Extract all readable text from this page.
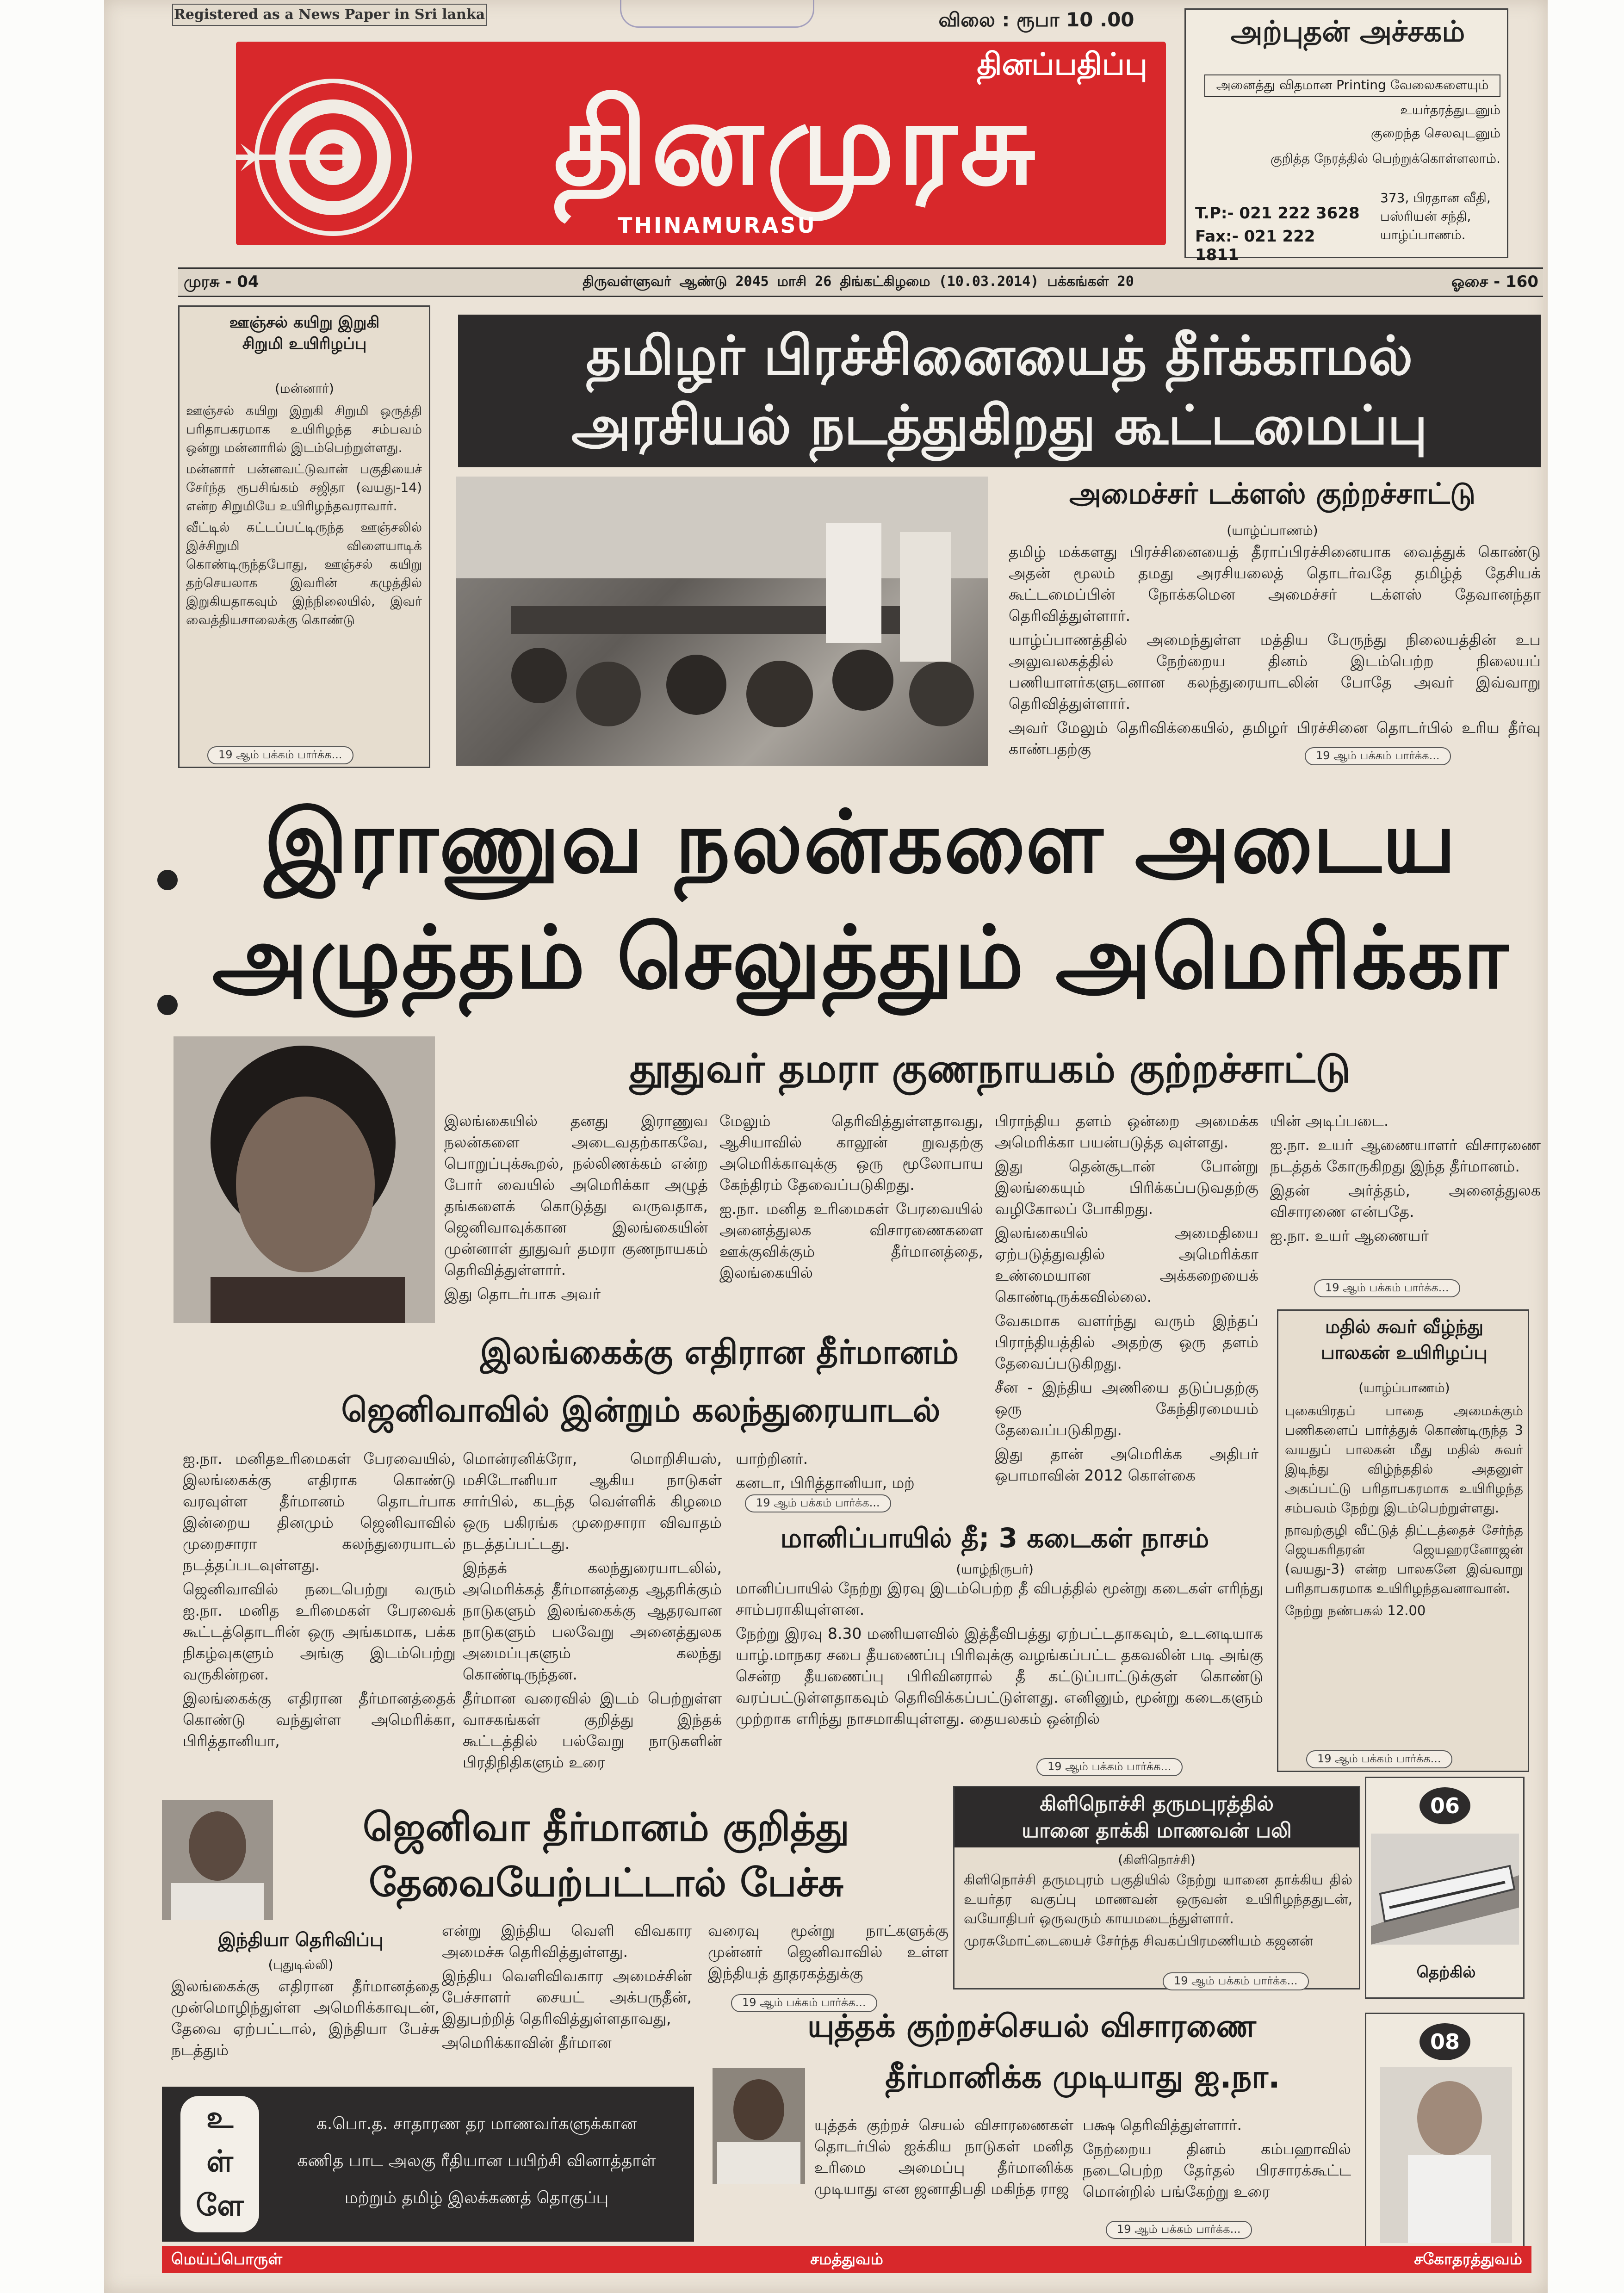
Registered as a News Paper in Sri lanka	விலை : ரூபா 10 .00
தினப்பதிப்பு
தினமுரசு
THINAMURASU
அற்புதன் அச்சகம்
அனைத்து விதமான Printing வேலைகளையும்
உயர்தரத்துடனும்
குறைந்த செலவுடனும்
குறித்த நேரத்தில் பெற்றுக்கொள்ளலாம்.
T.P:- 021 222 3628
Fax:- 021 222 1811
373, பிரதான வீதி,
பஸ்ரியன் சந்தி,
யாழ்ப்பாணம்.
முரசு - 04	திருவள்ளுவர் ஆண்டு 2045 மாசி 26 திங்கட்கிழமை (10.03.2014) பக்கங்கள் 20	ஓசை - 160
ஊஞ்சல் கயிறு இறுகி
சிறுமி உயிரிழப்பு
(மன்னார்)

ஊஞ்சல் கயிறு இறுகி சிறுமி ஒருத்தி பரிதாபகரமாக உயிரிழந்த சம்பவம் ஒன்று மன்னாரில் இடம்பெற்றுள்ளது.

மன்னார் பன்னவட்டுவான் பகுதியைச் சேர்ந்த ரூபசிங்கம் சஜிதா (வயது-14) என்ற சிறுமியே உயிரிழந்தவராவார்.

வீட்டில் கட்டப்பட்டிருந்த ஊஞ்சலில் இச்சிறுமி விளையாடிக் கொண்டிருந்தபோது, ஊஞ்சல் கயிறு தற்செயலாக இவரின் கழுத்தில் இறுகியதாகவும் இந்நிலையில், இவர் வைத்தியசாலைக்கு கொண்டு

19 ஆம் பக்கம் பார்க்க...
தமிழர் பிரச்சினையைத் தீர்க்காமல்
அரசியல் நடத்துகிறது கூட்டமைப்பு
அமைச்சர் டக்ளஸ் குற்றச்சாட்டு
(யாழ்ப்பாணம்)

தமிழ் மக்களது பிரச்சினையைத் தீராப்பிரச்சினையாக வைத்துக் கொண்டு அதன் மூலம் தமது அரசியலைத் தொடர்வதே தமிழ்த் தேசியக் கூட்டமைப்பின் நோக்கமென அமைச்சர் டக்ளஸ் தேவானந்தா தெரிவித்துள்ளார்.

யாழ்ப்பாணத்தில் அமைந்துள்ள மத்திய பேருந்து நிலையத்தின் உப அலுவலகத்தில் நேற்றைய தினம் இடம்பெற்ற நிலையப் பணியாளர்களுடனான கலந்துரையாடலின் போதே அவர் இவ்வாறு தெரிவித்துள்ளார்.

அவர் மேலும் தெரிவிக்கையில், தமிழர் பிரச்சினை தொடர்பில் உரிய தீர்வு காண்பதற்கு	19 ஆம் பக்கம் பார்க்க...
இராணுவ நலன்களை அடைய
அழுத்தம் செலுத்தும் அமெரிக்கா
தூதுவர் தமரா குணநாயகம் குற்றச்சாட்டு

இலங்கையில் தனது இராணுவ நலன்களை அடைவதற்காகவே, பொறுப்புக்கூறல், நல்லிணக்கம் என்ற போர் வையில் அமெரிக்கா அழுத் தங்களைக் கொடுத்து வருவதாக, ஜெனிவாவுக்கான இலங்கையின் முன்னாள் தூதுவர் தமரா குணநாயகம் தெரிவித்துள்ளார்.

இது தொடர்பாக அவர்

மேலும் தெரிவித்துள்ளதாவது, ஆசியாவில் காலூன் றுவதற்கு அமெரிக்காவுக்கு ஒரு மூலோபாய கேந்திரம் தேவைப்படுகிறது.

ஐ.நா. மனித உரிமைகள் பேரவையில் அனைத்துலக விசாரணைகளை ஊக்குவிக்கும் தீர்மானத்தை, இலங்கையில்

பிராந்திய தளம் ஒன்றை அமைக்க அமெரிக்கா பயன்படுத்த வுள்ளது.

இது தென்சூடான் போன்று இலங்கையும் பிரிக்கப்படுவதற்கு வழிகோலப் போகிறது.

இலங்கையில் அமைதியை ஏற்படுத்துவதில் அமெரிக்கா உண்மையான அக்கறையைக் கொண்டிருக்கவில்லை.

வேகமாக வளர்ந்து வரும் இந்தப் பிராந்தியத்தில் அதற்கு ஒரு தளம் தேவைப்படுகிறது.

சீன - இந்திய அணியை தடுப்பதற்கு ஒரு கேந்திரமையம் தேவைப்படுகிறது.

இது தான் அமெரிக்க அதிபர் ஒபாமாவின் 2012 கொள்கை

யின் அடிப்படை.

ஐ.நா. உயர் ஆணையாளர் விசாரணை நடத்தக் கோருகிறது இந்த தீர்மானம்.

இதன் அர்த்தம், அனைத்துலக விசாரணை என்பதே.

ஐ.நா. உயர் ஆணையர்

19 ஆம் பக்கம் பார்க்க...
மதில் சுவர் வீழ்ந்து
பாலகன் உயிரிழப்பு
(யாழ்ப்பாணம்)

புகையிரதப் பாதை அமைக்கும் பணிகளைப் பார்த்துக் கொண்டிருந்த 3 வயதுப் பாலகன் மீது மதில் சுவர் இடிந்து விழ்ந்ததில் அதனுள் அகப்பட்டு பரிதாபகரமாக உயிரிழந்த சம்பவம் நேற்று இடம்பெற்றுள்ளது.

நாவற்குழி வீட்டுத் திட்டத்தைச் சேர்ந்த ஜெயகரிதரன் ஜெயஹரனோஜன் (வயது-3) என்ற பாலகனே இவ்வாறு பரிதாபகரமாக உயிரிழந்தவனாவான்.

நேற்று நண்பகல் 12.00

19 ஆம் பக்கம் பார்க்க...
இலங்கைக்கு எதிரான தீர்மானம்
ஜெனிவாவில் இன்றும் கலந்துரையாடல்

ஐ.நா. மனிதஉரிமைகள் பேரவையில், இலங்கைக்கு எதிராக கொண்டு வரவுள்ள தீர்மானம் தொடர்பாக இன்றைய தினமும் ஜெனிவாவில் முறைசாரா கலந்துரையாடல் நடத்தப்படவுள்ளது.

ஜெனிவாவில் நடைபெற்று வரும் ஐ.நா. மனித உரிமைகள் பேரவைக் கூட்டத்தொடரின் ஒரு அங்கமாக, பக்க நிகழ்வுகளும் அங்கு இடம்பெற்று வருகின்றன.

இலங்கைக்கு எதிரான தீர்மானத்தைக் கொண்டு வந்துள்ள அமெரிக்கா, பிரித்தானியா,

மொன்ரனிக்ரோ, மொறிசியஸ், மசிடோனியா ஆகிய நாடுகள் சார்பில், கடந்த வெள்ளிக் கிழமை ஒரு பகிரங்க முறைசாரா விவாதம் நடத்தப்பட்டது.

இந்தக் கலந்துரையாடலில், அமெரிக்கத் தீர்மானத்தை ஆதரிக்கும் நாடுகளும் இலங்கைக்கு ஆதரவான நாடுகளும் பலவேறு அனைத்துலக அமைப்புகளும் கலந்து கொண்டிருந்தன.

தீர்மான வரைவில் இடம் பெற்றுள்ள வாசகங்கள் குறித்து இந்தக் கூட்டத்தில் பல்வேறு நாடுகளின் பிரதிநிதிகளும் உரை

யாற்றினர்.

கனடா, பிரித்தானியா, மற்

19 ஆம் பக்கம் பார்க்க...
மானிப்பாயில் தீ; 3 கடைகள் நாசம்
(யாழ்நிருபர்)

மானிப்பாயில் நேற்று இரவு இடம்பெற்ற தீ விபத்தில் மூன்று கடைகள் எரிந்து சாம்பராகியுள்ளன.

நேற்று இரவு 8.30 மணியளவில் இத்தீவிபத்து ஏற்பட்டதாகவும், உடனடியாக யாழ்.மாநகர சபை தீயணைப்பு பிரிவுக்கு வழங்கப்பட்ட தகவலின் படி அங்கு சென்ற தீயணைப்பு பிரிவினரால் தீ கட்டுப்பாட்டுக்குள் கொண்டு வரப்பட்டுள்ளதாகவும் தெரிவிக்கப்பட்டுள்ளது. எனினும், மூன்று கடைகளும் முற்றாக எரிந்து நாசமாகியுள்ளது. தையலகம் ஒன்றில்

19 ஆம் பக்கம் பார்க்க...
ஜெனிவா தீர்மானம் குறித்து
தேவையேற்பட்டால் பேச்சு
இந்தியா தெரிவிப்பு
(புதுடில்லி)

இலங்கைக்கு எதிரான தீர்மானத்தை முன்மொழிந்துள்ள அமெரிக்காவுடன், தேவை ஏற்பட்டால், இந்தியா பேச்சு நடத்தும்

என்று இந்திய வெளி விவகார அமைச்சு தெரிவித்துள்ளது.

இந்திய வெளிவிவகார அமைச்சின் பேச்சாளர் சையட் அக்பருதீன், இதுபற்றித் தெரிவித்துள்ளதாவது,

அமெரிக்காவின் தீர்மான

வரைவு மூன்று நாட்களுக்கு முன்னர் ஜெனிவாவில் உள்ள இந்தியத் தூதரகத்துக்கு

19 ஆம் பக்கம் பார்க்க...
கிளிநொச்சி தருமபுரத்தில்
யானை தாக்கி மாணவன் பலி
(கிளிநொச்சி)

கிளிநொச்சி தருமபுரம் பகுதியில் நேற்று யானை தாக்கிய தில் உயர்தர வகுப்பு மாணவன் ஒருவன் உயிரிழந்ததுடன், வயோதிபர் ஒருவரும் காயமடைந்துள்ளார்.

முரசுமோட்டையைச் சேர்ந்த சிவகப்பிரமணியம் கஜனன்

19 ஆம் பக்கம் பார்க்க...
06
தெற்கில்
08
யுத்தக் குற்றச்செயல் விசாரணை
தீர்மானிக்க முடியாது ஐ.நா.

யுத்தக் குற்றச் செயல் விசாரணைகள் தொடர்பில் ஐக்கிய நாடுகள் மனித உரிமை அமைப்பு தீர்மானிக்க முடியாது என ஜனாதிபதி மகிந்த ராஜ

பக்ஷ தெரிவித்துள்ளார்.

நேற்றைய தினம் கம்பஹாவில் நடைபெற்ற தேர்தல் பிரசாரக்கூட்ட மொன்றில் பங்கேற்று உரை

19 ஆம் பக்கம் பார்க்க...
உ
ள்
ளே
க.பொ.த. சாதாரண தர மாணவர்களுக்கான
கணித பாட அலகு ரீதியான பயிற்சி வினாத்தாள்
மற்றும் தமிழ் இலக்கணத் தொகுப்பு
மெய்ப்பொருள்	சமத்துவம்	சகோதரத்துவம்
